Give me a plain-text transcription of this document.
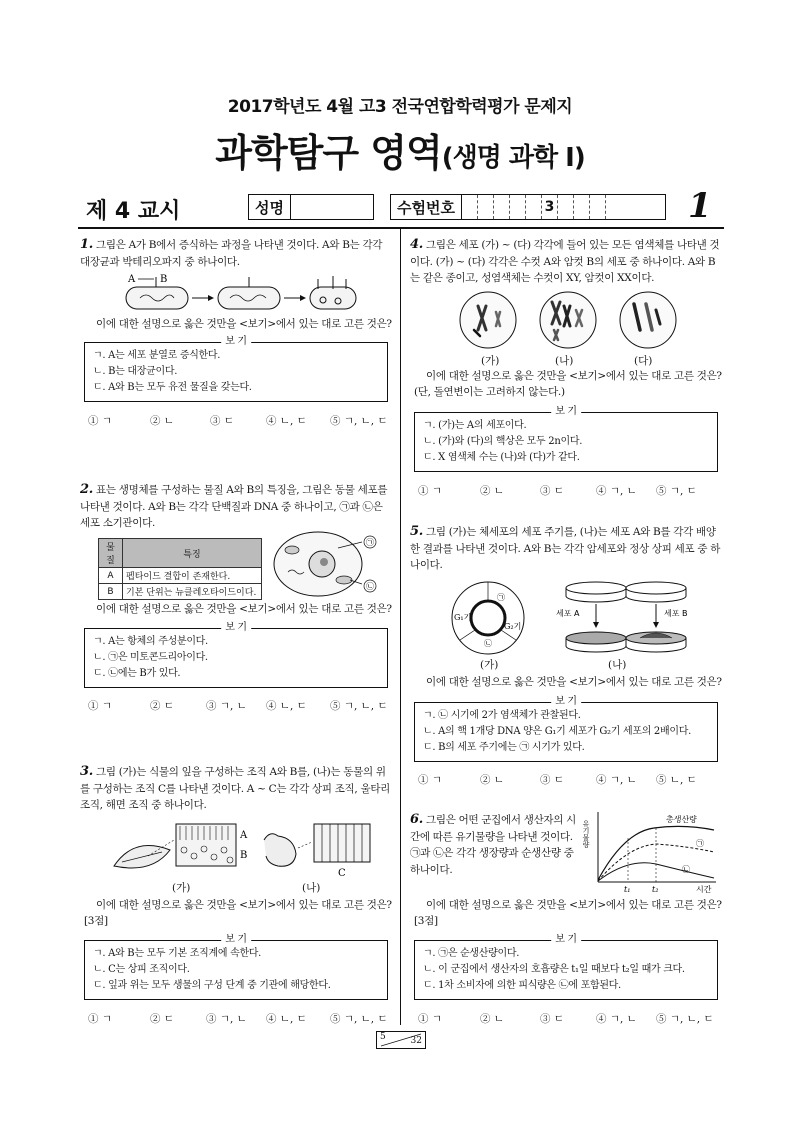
2017학년도 4월 고3 전국연합학력평가 문제지
과학탐구 영역(생명 과학 Ⅰ)
제 4 교시	성명	수험번호	3	1
1. 그림은 A가 B에서 증식하는 과정을 나타낸 것이다. A와 B는 각각 대장균과 박테리오파지 중 하나이다.
A B
이에 대한 설명으로 옳은 것만을 <보기>에서 있는 대로 고른 것은?
보 기
ㄱ. A는 세포 분열로 증식한다.
ㄴ. B는 대장균이다.
ㄷ. A와 B는 모두 유전 물질을 갖는다.
① ㄱ	② ㄴ	③ ㄷ	④ ㄴ, ㄷ	⑤ ㄱ, ㄴ, ㄷ
2. 표는 생명체를 구성하는 물질 A와 B의 특징을, 그림은 동물 세포를 나타낸 것이다. A와 B는 각각 단백질과 DNA 중 하나이고, ㉠과 ㉡은 세포 소기관이다.
물질	특징
A	펩타이드 결합이 존재한다.
B	기본 단위는 뉴클레오타이드이다.
㉠
㉡
이에 대한 설명으로 옳은 것만을 <보기>에서 있는 대로 고른 것은?
보 기
ㄱ. A는 항체의 주성분이다.
ㄴ. ㉠은 미토콘드리아이다.
ㄷ. ㉡에는 B가 있다.
① ㄱ	② ㄷ	③ ㄱ, ㄴ	④ ㄴ, ㄷ	⑤ ㄱ, ㄴ, ㄷ
3. 그림 (가)는 식물의 잎을 구성하는 조직 A와 B를, (나)는 동물의 위를 구성하는 조직 C를 나타낸 것이다. A ~ C는 각각 상피 조직, 울타리 조직, 해면 조직 중 하나이다.
A
B
C
(가)	(나)
이에 대한 설명으로 옳은 것만을 <보기>에서 있는 대로 고른 것은? [3점]
보 기
ㄱ. A와 B는 모두 기본 조직계에 속한다.
ㄴ. C는 상피 조직이다.
ㄷ. 잎과 위는 모두 생물의 구성 단계 중 기관에 해당한다.
① ㄱ	② ㄷ	③ ㄱ, ㄴ	④ ㄴ, ㄷ	⑤ ㄱ, ㄴ, ㄷ
4. 그림은 세포 (가) ~ (다) 각각에 들어 있는 모든 염색체를 나타낸 것이다. (가) ~ (다) 각각은 수컷 A와 암컷 B의 세포 중 하나이다. A와 B는 같은 종이고, 성염색체는 수컷이 XY, 암컷이 XX이다.
(가)	(나)	(다)
이에 대한 설명으로 옳은 것만을 <보기>에서 있는 대로 고른 것은? (단, 돌연변이는 고려하지 않는다.)
보 기
ㄱ. (가)는 A의 세포이다.
ㄴ. (가)와 (다)의 핵상은 모두 2n이다.
ㄷ. X 염색체 수는 (나)와 (다)가 같다.
① ㄱ	② ㄴ	③ ㄷ	④ ㄱ, ㄴ	⑤ ㄱ, ㄷ
5. 그림 (가)는 체세포의 세포 주기를, (나)는 세포 A와 B를 각각 배양한 결과를 나타낸 것이다. A와 B는 각각 암세포와 정상 상피 세포 중 하나이다.
G₁기
G₂기
㉠
㉡
세포 A	세포 B
(가)	(나)
이에 대한 설명으로 옳은 것만을 <보기>에서 있는 대로 고른 것은?
보 기
ㄱ. ㉡ 시기에 2가 염색체가 관찰된다.
ㄴ. A의 핵 1개당 DNA 양은 G₁기 세포가 G₂기 세포의 2배이다.
ㄷ. B의 세포 주기에는 ㉠ 시기가 있다.
① ㄱ	② ㄴ	③ ㄷ	④ ㄱ, ㄴ	⑤ ㄴ, ㄷ
6. 그림은 어떤 군집에서 생산자의 시간에 따른 유기물량을 나타낸 것이다. ㉠과 ㉡은 각각 생장량과 순생산량 중 하나이다.
유기물량
총생산량
㉠
㉡
t₁	t₂	시간
이에 대한 설명으로 옳은 것만을 <보기>에서 있는 대로 고른 것은? [3점]
보 기
ㄱ. ㉠은 순생산량이다.
ㄴ. 이 군집에서 생산자의 호흡량은 t₁일 때보다 t₂일 때가 크다.
ㄷ. 1차 소비자에 의한 피식량은 ㉡에 포함된다.
① ㄱ	② ㄴ	③ ㄷ	④ ㄱ, ㄴ	⑤ ㄱ, ㄴ, ㄷ
5	32
